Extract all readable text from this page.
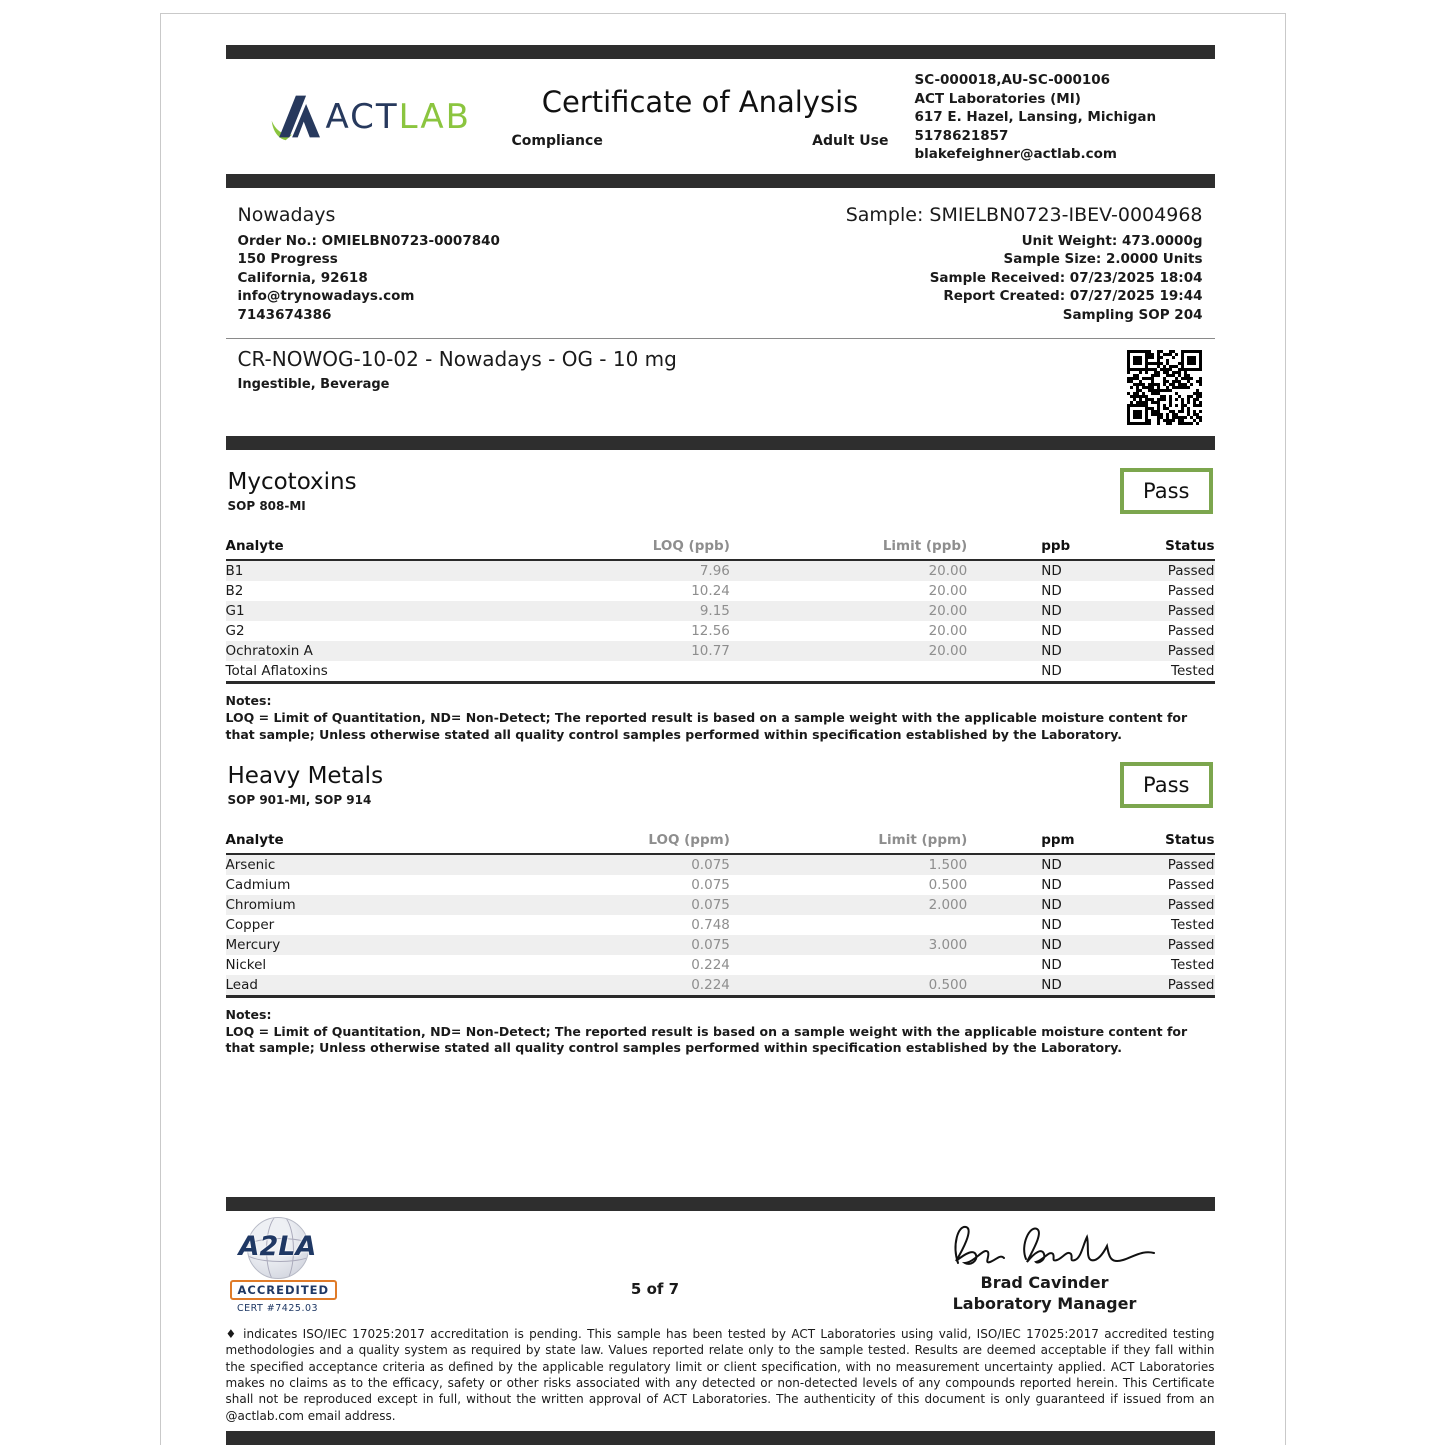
ACTLAB	Certificate of Analysis
Compliance	Adult Use
SC-000018,AU-SC-000106
ACT Laboratories (MI)
617 E. Hazel, Lansing, Michigan
5178621857
blakefeighner@actlab.com
Nowadays
Order No.: OMIELBN0723-0007840
150 Progress
California, 92618
info@trynowadays.com
7143674386
Sample: SMIELBN0723-IBEV-0004968
Unit Weight: 473.0000g
Sample Size: 2.0000 Units
Sample Received: 07/23/2025 18:04
Report Created: 07/27/2025 19:44
Sampling SOP 204
CR-NOWOG-10-02 - Nowadays - OG - 10 mg
Ingestible, Beverage
Mycotoxins
SOP 808-MI
Pass
Analyte	LOQ (ppb)	Limit (ppb)	ppb	Status
B1	7.96	20.00	ND	Passed
B2	10.24	20.00	ND	Passed
G1	9.15	20.00	ND	Passed
G2	12.56	20.00	ND	Passed
Ochratoxin A	10.77	20.00	ND	Passed
Total Aflatoxins			ND	Tested
Notes:
LOQ = Limit of Quantitation, ND= Non-Detect; The reported result is based on a sample weight with the applicable moisture content for that sample; Unless otherwise stated all quality control samples performed within specification established by the Laboratory.
Heavy Metals
SOP 901-MI, SOP 914
Pass
Analyte	LOQ (ppm)	Limit (ppm)	ppm	Status
Arsenic	0.075	1.500	ND	Passed
Cadmium	0.075	0.500	ND	Passed
Chromium	0.075	2.000	ND	Passed
Copper	0.748		ND	Tested
Mercury	0.075	3.000	ND	Passed
Nickel	0.224		ND	Tested
Lead	0.224	0.500	ND	Passed
Notes:
LOQ = Limit of Quantitation, ND= Non-Detect; The reported result is based on a sample weight with the applicable moisture content for that sample; Unless otherwise stated all quality control samples performed within specification established by the Laboratory.
A2LA
ACCREDITED
CERT #7425.03
5 of 7	Brad Cavinder
Laboratory Manager
♦ indicates ISO/IEC 17025:2017 accreditation is pending. This sample has been tested by ACT Laboratories using valid, ISO/IEC 17025:2017 accredited testing methodologies and a quality system as required by state law. Values reported relate only to the sample tested. Results are deemed acceptable if they fall within the specified acceptance criteria as defined by the applicable regulatory limit or client specification, with no measurement uncertainty applied. ACT Laboratories makes no claims as to the efficacy, safety or other risks associated with any detected or non-detected levels of any compounds reported herein. This Certificate shall not be reproduced except in full, without the written approval of ACT Laboratories. The authenticity of this document is only guaranteed if issued from an @actlab.com email address.
